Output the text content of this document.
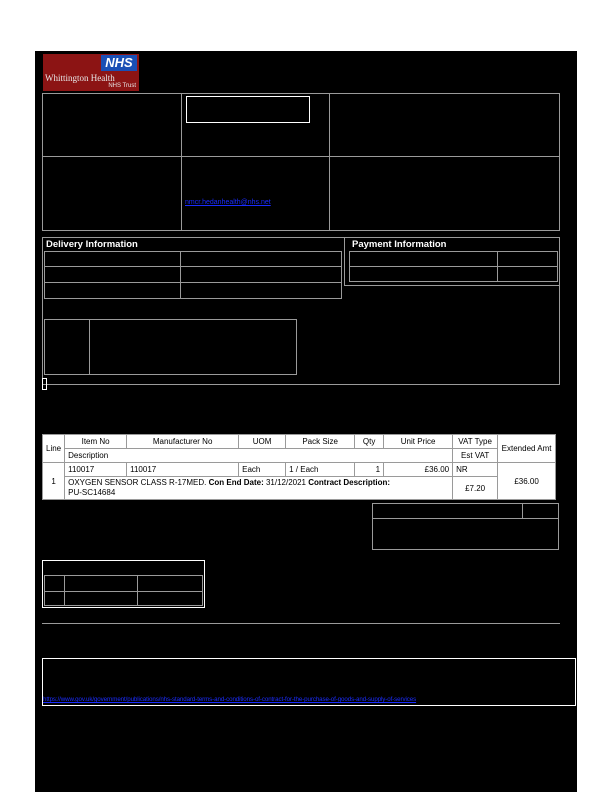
NHS
Whittington Health
NHS Trust
nmcr.hedanhealth@nhs.net
Delivery Information	Payment Information
Line	Item No	Manufacturer No	UOM	Pack Size	Qty	Unit Price	VAT Type	Extended Amt
	Description						Est VAT	
1	110017	110017	Each	1 / Each	1	£36.00	NR	£36.00
	OXYGEN SENSOR CLASS R-17MED. Con End Date: 31/12/2021 Contract Description:
PU-SC14684						£7.20	
https://www.gov.uk/government/publications/nhs-standard-terms-and-conditions-of-contract-for-the-purchase-of-goods-and-supply-of-services
